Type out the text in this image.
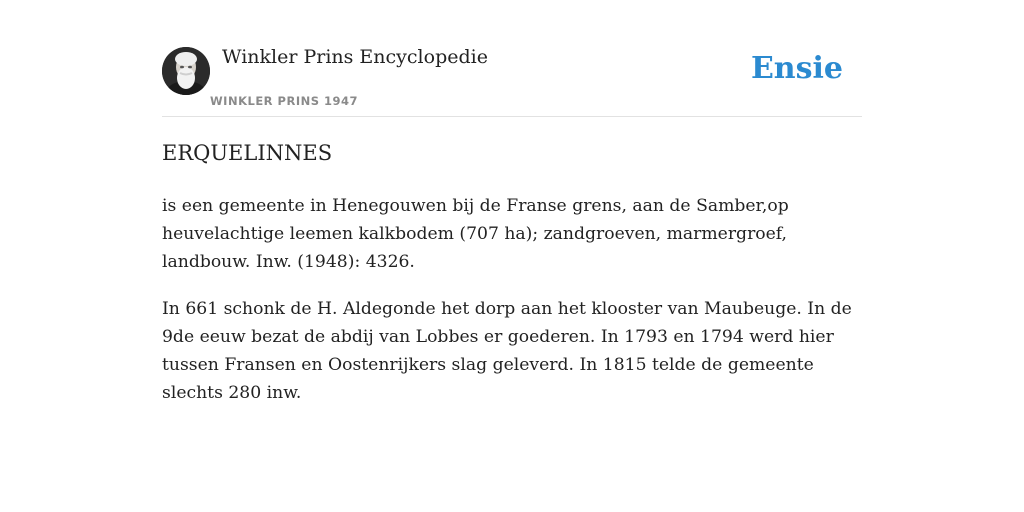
Winkler Prins Encyclopedie
WINKLER PRINS 1947
Ensie
ERQUELINNES

is een gemeente in Henegouwen bij de Franse grens, aan de Samber,op heuvelachtige leemen kalkbodem (707 ha); zandgroeven, marmergroef, landbouw. Inw. (1948): 4326.

In 661 schonk de H. Aldegonde het dorp aan het klooster van Maubeuge. In de 9de eeuw bezat de abdij van Lobbes er goederen. In 1793 en 1794 werd hier tussen Fransen en Oostenrijkers slag geleverd. In 1815 telde de gemeente slechts 280 inw.
